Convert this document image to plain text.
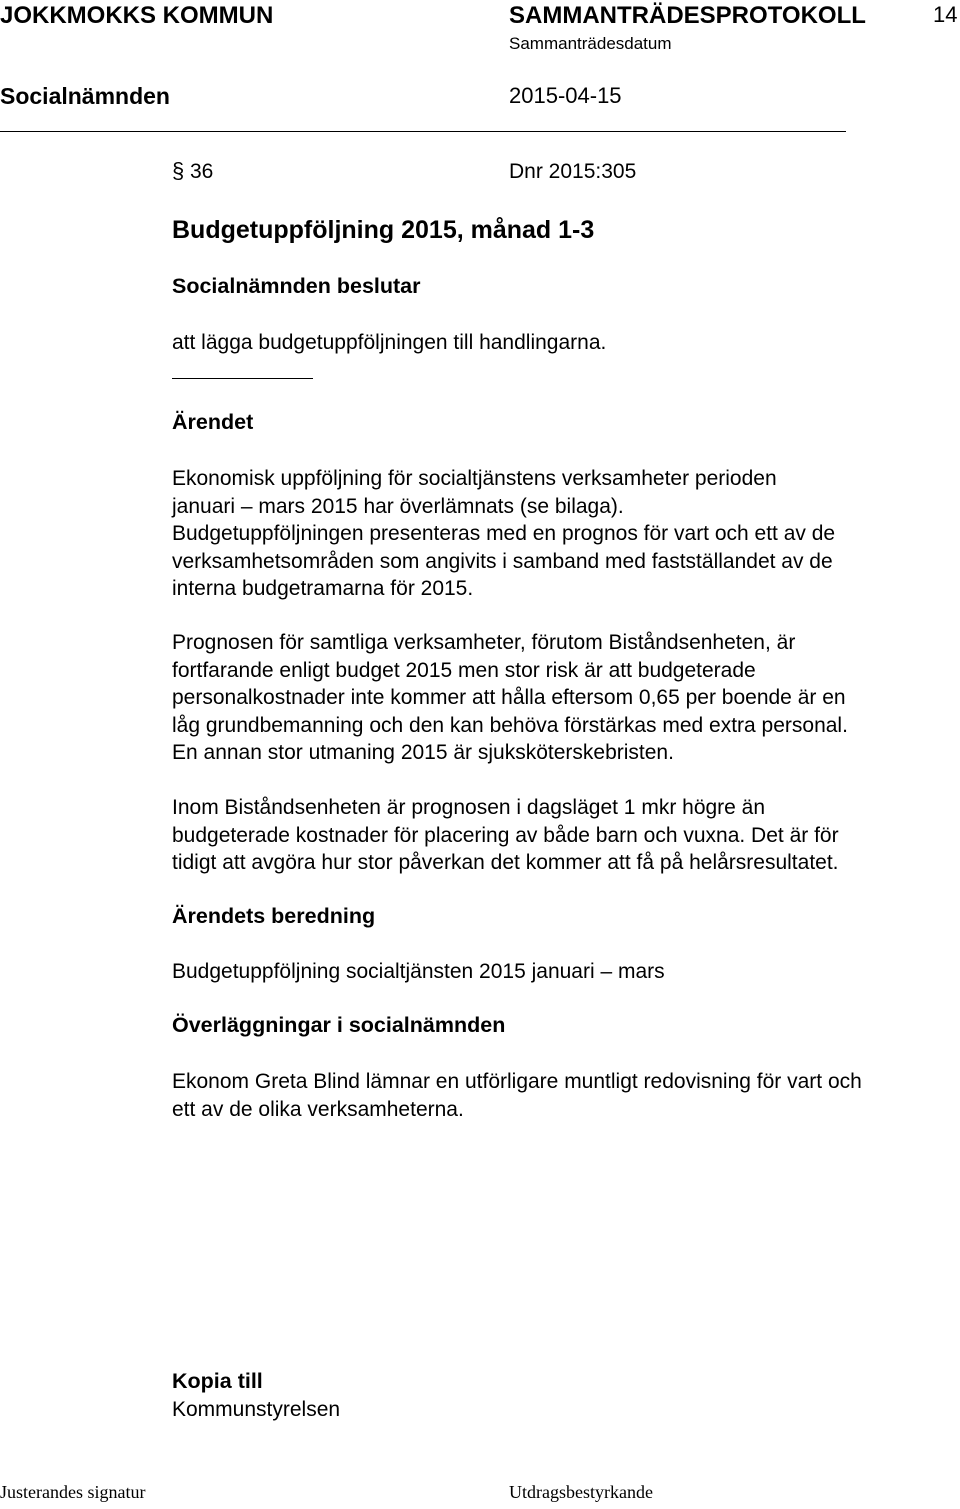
JOKKMOKKS KOMMUN	SAMMANTRÄDESPROTOKOLL	14
Sammanträdesdatum
Socialnämnden	2015-04-15
§ 36	Dnr 2015:305
Budgetuppföljning 2015, månad 1-3
Socialnämnden beslutar
att lägga budgetuppföljningen till handlingarna.
Ärendet
Ekonomisk uppföljning för socialtjänstens verksamheter perioden
januari – mars 2015 har överlämnats (se bilaga).
Budgetuppföljningen presenteras med en prognos för vart och ett av de
verksamhetsområden som angivits i samband med fastställandet av de
interna budgetramarna för 2015.
Prognosen för samtliga verksamheter, förutom Biståndsenheten, är
fortfarande enligt budget 2015 men stor risk är att budgeterade
personalkostnader inte kommer att hålla eftersom 0,65 per boende är en
låg grundbemanning och den kan behöva förstärkas med extra personal.
En annan stor utmaning 2015 är sjuksköterskebristen.
Inom Biståndsenheten är prognosen i dagsläget 1 mkr högre än
budgeterade kostnader för placering av både barn och vuxna. Det är för
tidigt att avgöra hur stor påverkan det kommer att få på helårsresultatet.
Ärendets beredning
Budgetuppföljning socialtjänsten 2015 januari – mars
Överläggningar i socialnämnden
Ekonom Greta Blind lämnar en utförligare muntligt redovisning för vart och
ett av de olika verksamheterna.
Kopia till
Kommunstyrelsen
Justerandes signatur	Utdragsbestyrkande
